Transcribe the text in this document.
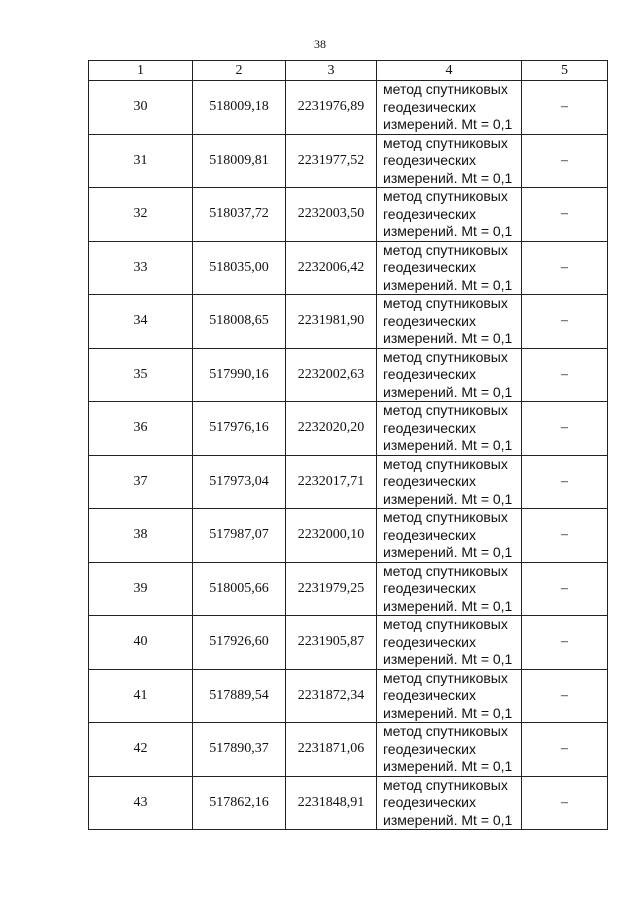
38
1	2	3	4	5
30	518009,18	2231976,89	метод спутниковых
геодезических
измерений. Mt = 0,1	–
31	518009,81	2231977,52	метод спутниковых
геодезических
измерений. Mt = 0,1	–
32	518037,72	2232003,50	метод спутниковых
геодезических
измерений. Mt = 0,1	–
33	518035,00	2232006,42	метод спутниковых
геодезических
измерений. Mt = 0,1	–
34	518008,65	2231981,90	метод спутниковых
геодезических
измерений. Mt = 0,1	–
35	517990,16	2232002,63	метод спутниковых
геодезических
измерений. Mt = 0,1	–
36	517976,16	2232020,20	метод спутниковых
геодезических
измерений. Mt = 0,1	–
37	517973,04	2232017,71	метод спутниковых
геодезических
измерений. Mt = 0,1	–
38	517987,07	2232000,10	метод спутниковых
геодезических
измерений. Mt = 0,1	–
39	518005,66	2231979,25	метод спутниковых
геодезических
измерений. Mt = 0,1	–
40	517926,60	2231905,87	метод спутниковых
геодезических
измерений. Mt = 0,1	–
41	517889,54	2231872,34	метод спутниковых
геодезических
измерений. Mt = 0,1	–
42	517890,37	2231871,06	метод спутниковых
геодезических
измерений. Mt = 0,1	–
43	517862,16	2231848,91	метод спутниковых
геодезических
измерений. Mt = 0,1	–
